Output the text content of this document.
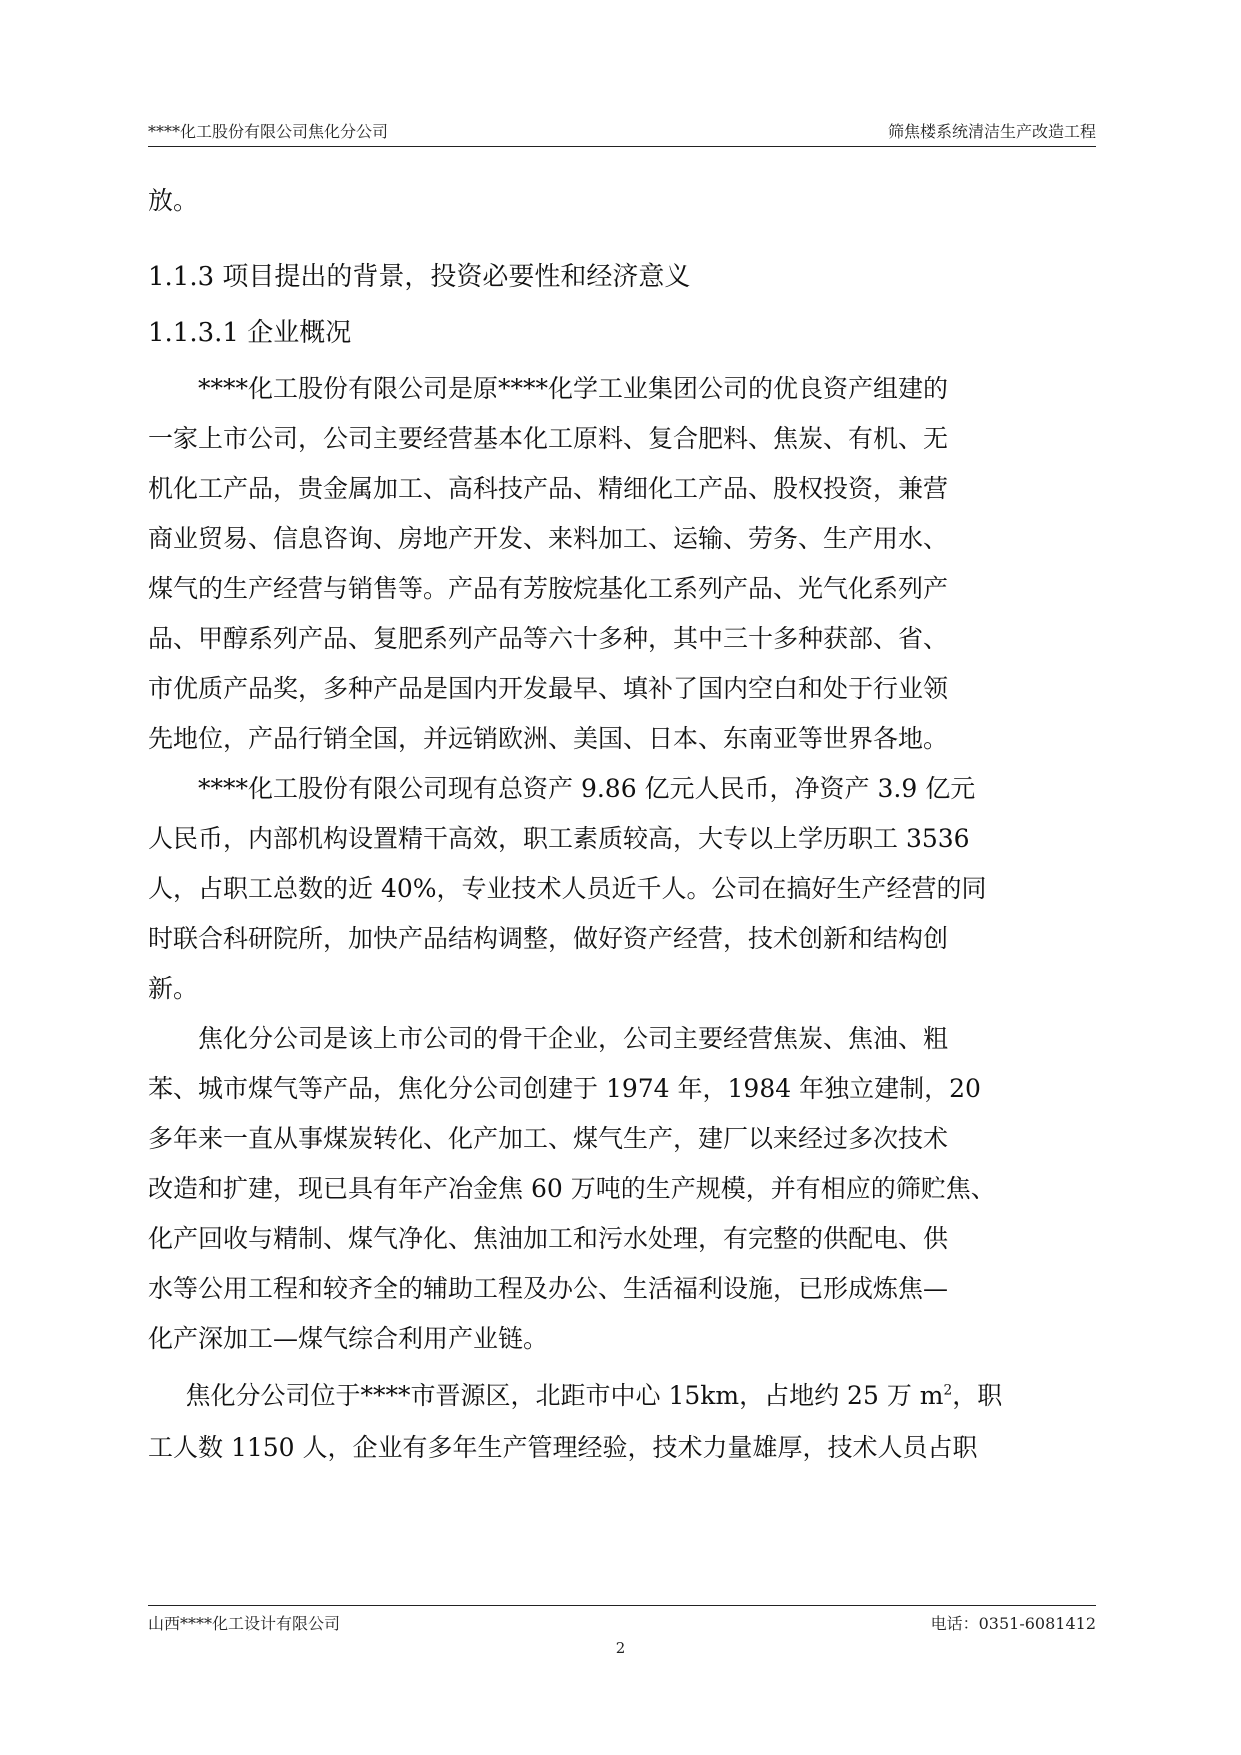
****化工股份有限公司焦化分公司	筛焦楼系统清洁生产改造工程

放。

1.1.3 项目提出的背景，投资必要性和经济意义

1.1.3.1 企业概况

****化工股份有限公司是原****化学工业集团公司的优良资产组建的
一家上市公司，公司主要经营基本化工原料、复合肥料、焦炭、有机、无
机化工产品，贵金属加工、高科技产品、精细化工产品、股权投资，兼营
商业贸易、信息咨询、房地产开发、来料加工、运输、劳务、生产用水、
煤气的生产经营与销售等。产品有芳胺烷基化工系列产品、光气化系列产
品、甲醇系列产品、复肥系列产品等六十多种，其中三十多种获部、省、
市优质产品奖，多种产品是国内开发最早、填补了国内空白和处于行业领
先地位，产品行销全国，并远销欧洲、美国、日本、东南亚等世界各地。

****化工股份有限公司现有总资产 9.86 亿元人民币，净资产 3.9 亿元
人民币，内部机构设置精干高效，职工素质较高，大专以上学历职工 3536
人，占职工总数的近 40%，专业技术人员近千人。公司在搞好生产经营的同
时联合科研院所，加快产品结构调整，做好资产经营，技术创新和结构创
新。

焦化分公司是该上市公司的骨干企业，公司主要经营焦炭、焦油、粗
苯、城市煤气等产品，焦化分公司创建于 1974 年，1984 年独立建制，20
多年来一直从事煤炭转化、化产加工、煤气生产，建厂以来经过多次技术
改造和扩建，现已具有年产冶金焦 60 万吨的生产规模，并有相应的筛贮焦、
化产回收与精制、煤气净化、焦油加工和污水处理，有完整的供配电、供
水等公用工程和较齐全的辅助工程及办公、生活福利设施，已形成炼焦—
化产深加工—煤气综合利用产业链。

焦化分公司位于****市晋源区，北距市中心 15km，占地约 25 万 $m^2$，职
工人数 1150 人，企业有多年生产管理经验，技术力量雄厚，技术人员占职

山西****化工设计有限公司	电话：0351-6081412
2
